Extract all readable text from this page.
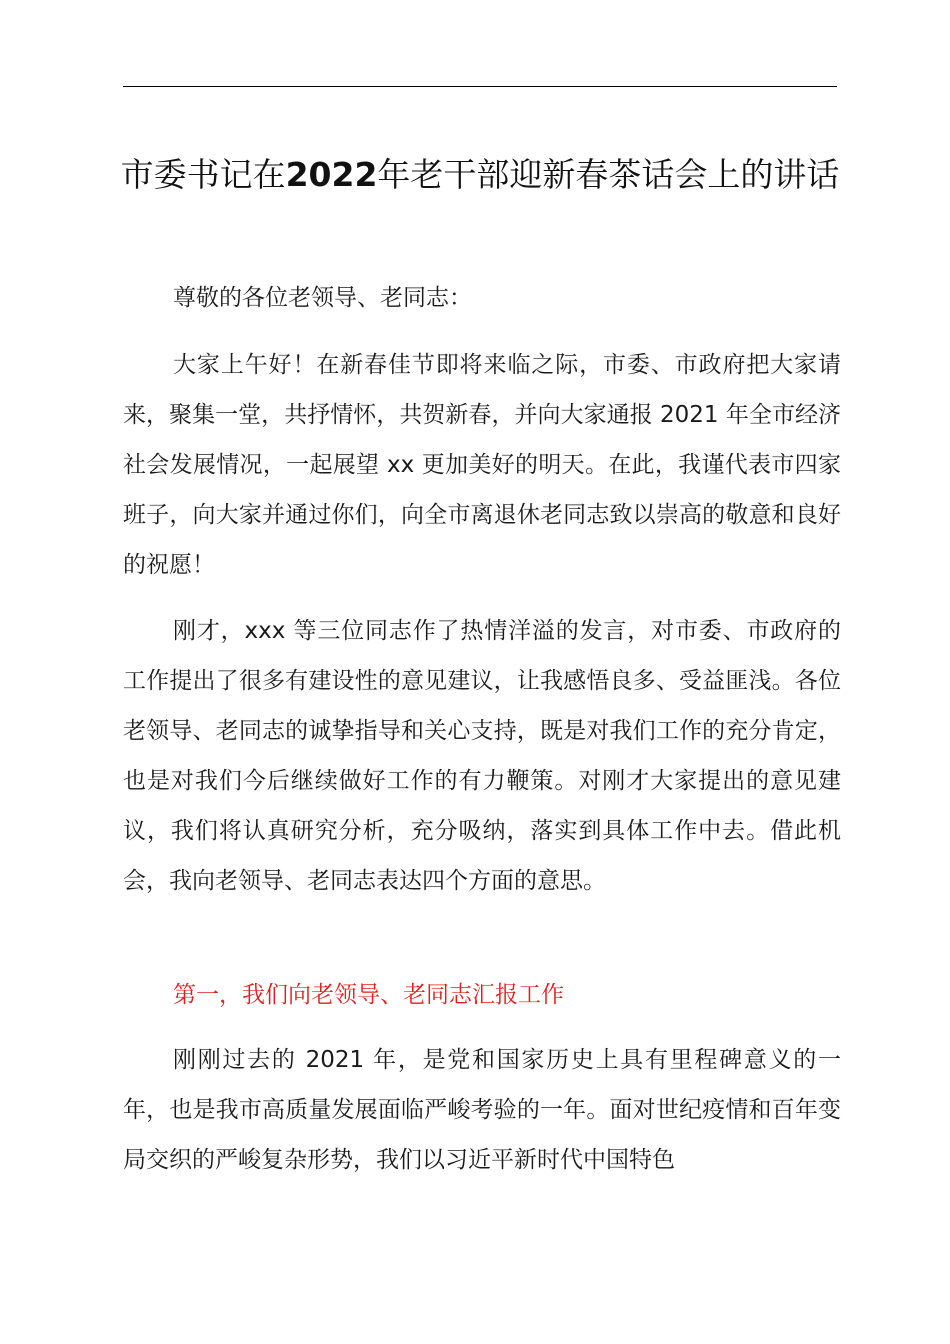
市委书记在2022年老干部迎新春茶话会上的讲话

尊敬的各位老领导、老同志：

大家上午好！在新春佳节即将来临之际，市委、市政府把大家请来，聚集一堂，共抒情怀，共贺新春，并向大家通报 2021 年全市经济社会发展情况，一起展望 xx 更加美好的明天。在此，我谨代表市四家班子，向大家并通过你们，向全市离退休老同志致以崇高的敬意和良好的祝愿！

刚才，xxx 等三位同志作了热情洋溢的发言，对市委、市政府的工作提出了很多有建设性的意见建议，让我感悟良多、受益匪浅。各位老领导、老同志的诚挚指导和关心支持，既是对我们工作的充分肯定，也是对我们今后继续做好工作的有力鞭策。对刚才大家提出的意见建议，我们将认真研究分析，充分吸纳，落实到具体工作中去。借此机会，我向老领导、老同志表达四个方面的意思。

第一，我们向老领导、老同志汇报工作

刚刚过去的 2021 年，是党和国家历史上具有里程碑意义的一年，也是我市高质量发展面临严峻考验的一年。面对世纪疫情和百年变局交织的严峻复杂形势，我们以习近平新时代中国特色
